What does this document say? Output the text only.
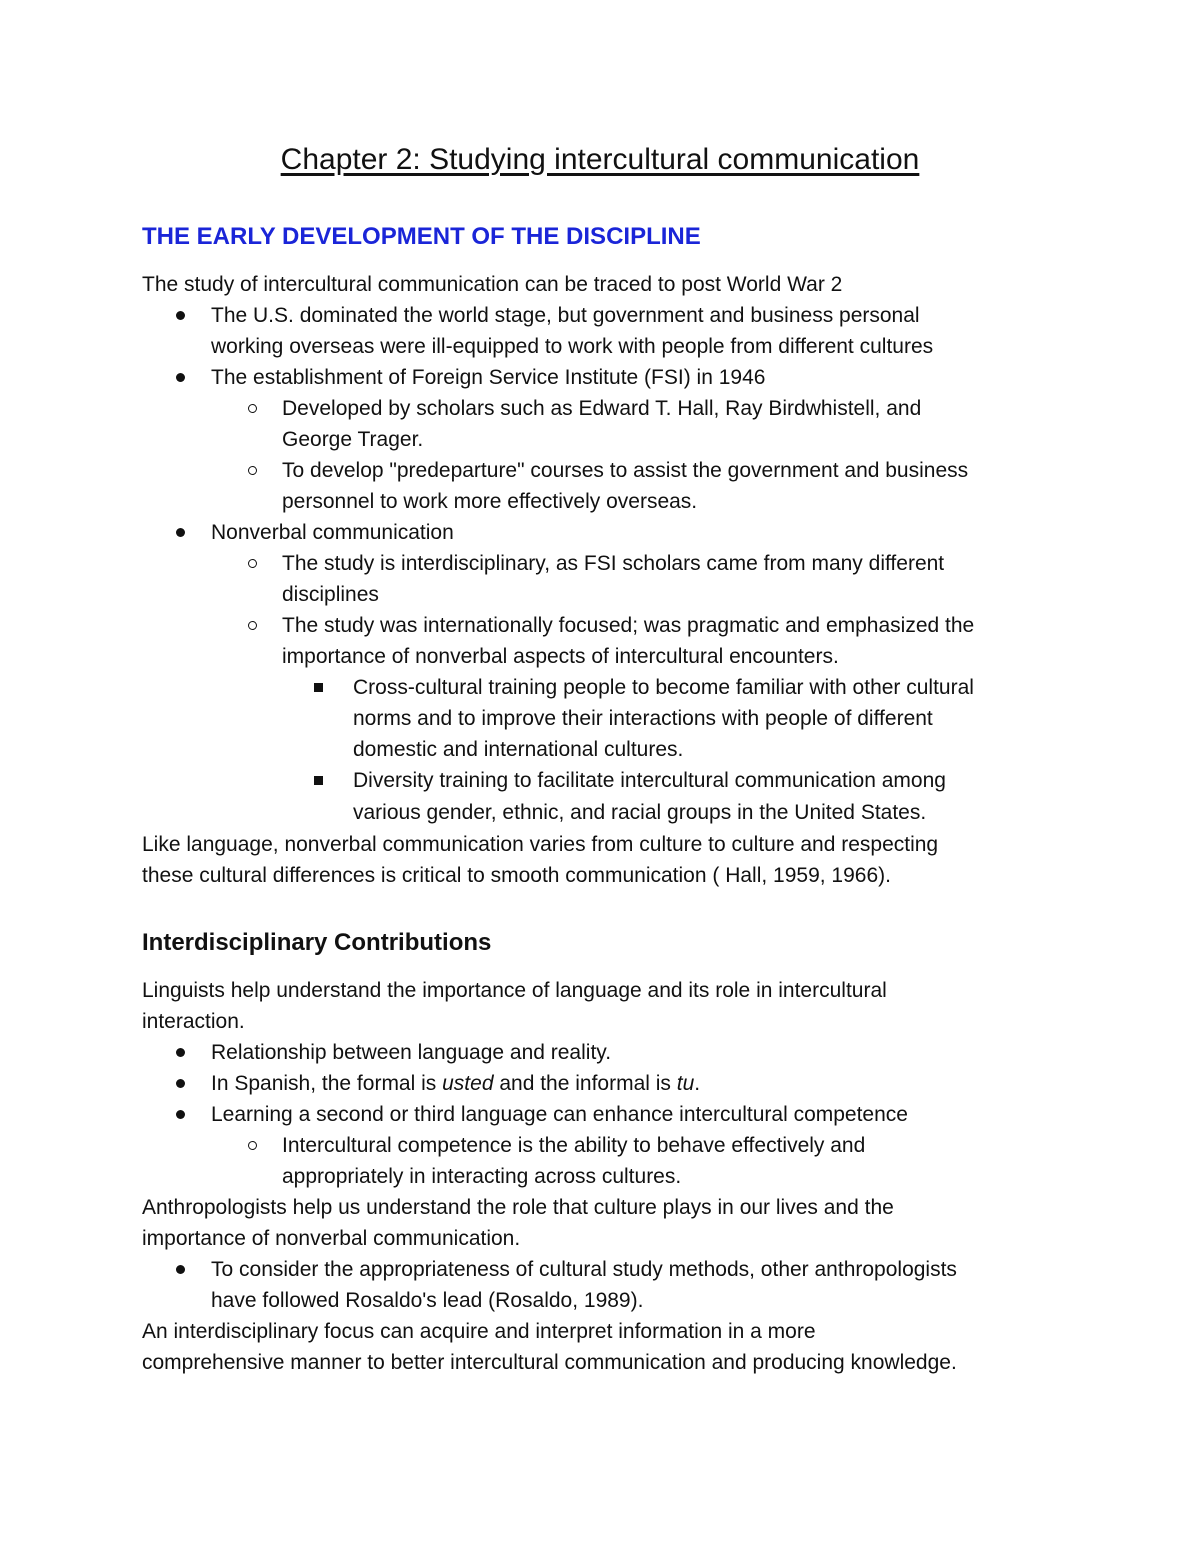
Chapter 2: Studying intercultural communication
THE EARLY DEVELOPMENT OF THE DISCIPLINE
The study of intercultural communication can be traced to post World War 2
The U.S. dominated the world stage, but government and business personal
working overseas were ill-equipped to work with people from different cultures
The establishment of Foreign Service Institute (FSI) in 1946
Developed by scholars such as Edward T. Hall, Ray Birdwhistell, and
George Trager.
To develop "predeparture" courses to assist the government and business
personnel to work more effectively overseas.
Nonverbal communication
The study is interdisciplinary, as FSI scholars came from many different
disciplines
The study was internationally focused; was pragmatic and emphasized the
importance of nonverbal aspects of intercultural encounters.
Cross-cultural training people to become familiar with other cultural
norms and to improve their interactions with people of different
domestic and international cultures.
Diversity training to facilitate intercultural communication among
various gender, ethnic, and racial groups in the United States.
Like language, nonverbal communication varies from culture to culture and respecting
these cultural differences is critical to smooth communication ( Hall, 1959, 1966).
Interdisciplinary Contributions
Linguists help understand the importance of language and its role in intercultural
interaction.
Relationship between language and reality.
In Spanish, the formal is usted and the informal is tu.
Learning a second or third language can enhance intercultural competence
Intercultural competence is the ability to behave effectively and
appropriately in interacting across cultures.
Anthropologists help us understand the role that culture plays in our lives and the
importance of nonverbal communication.
To consider the appropriateness of cultural study methods, other anthropologists
have followed Rosaldo's lead (Rosaldo, 1989).
An interdisciplinary focus can acquire and interpret information in a more
comprehensive manner to better intercultural communication and producing knowledge.
